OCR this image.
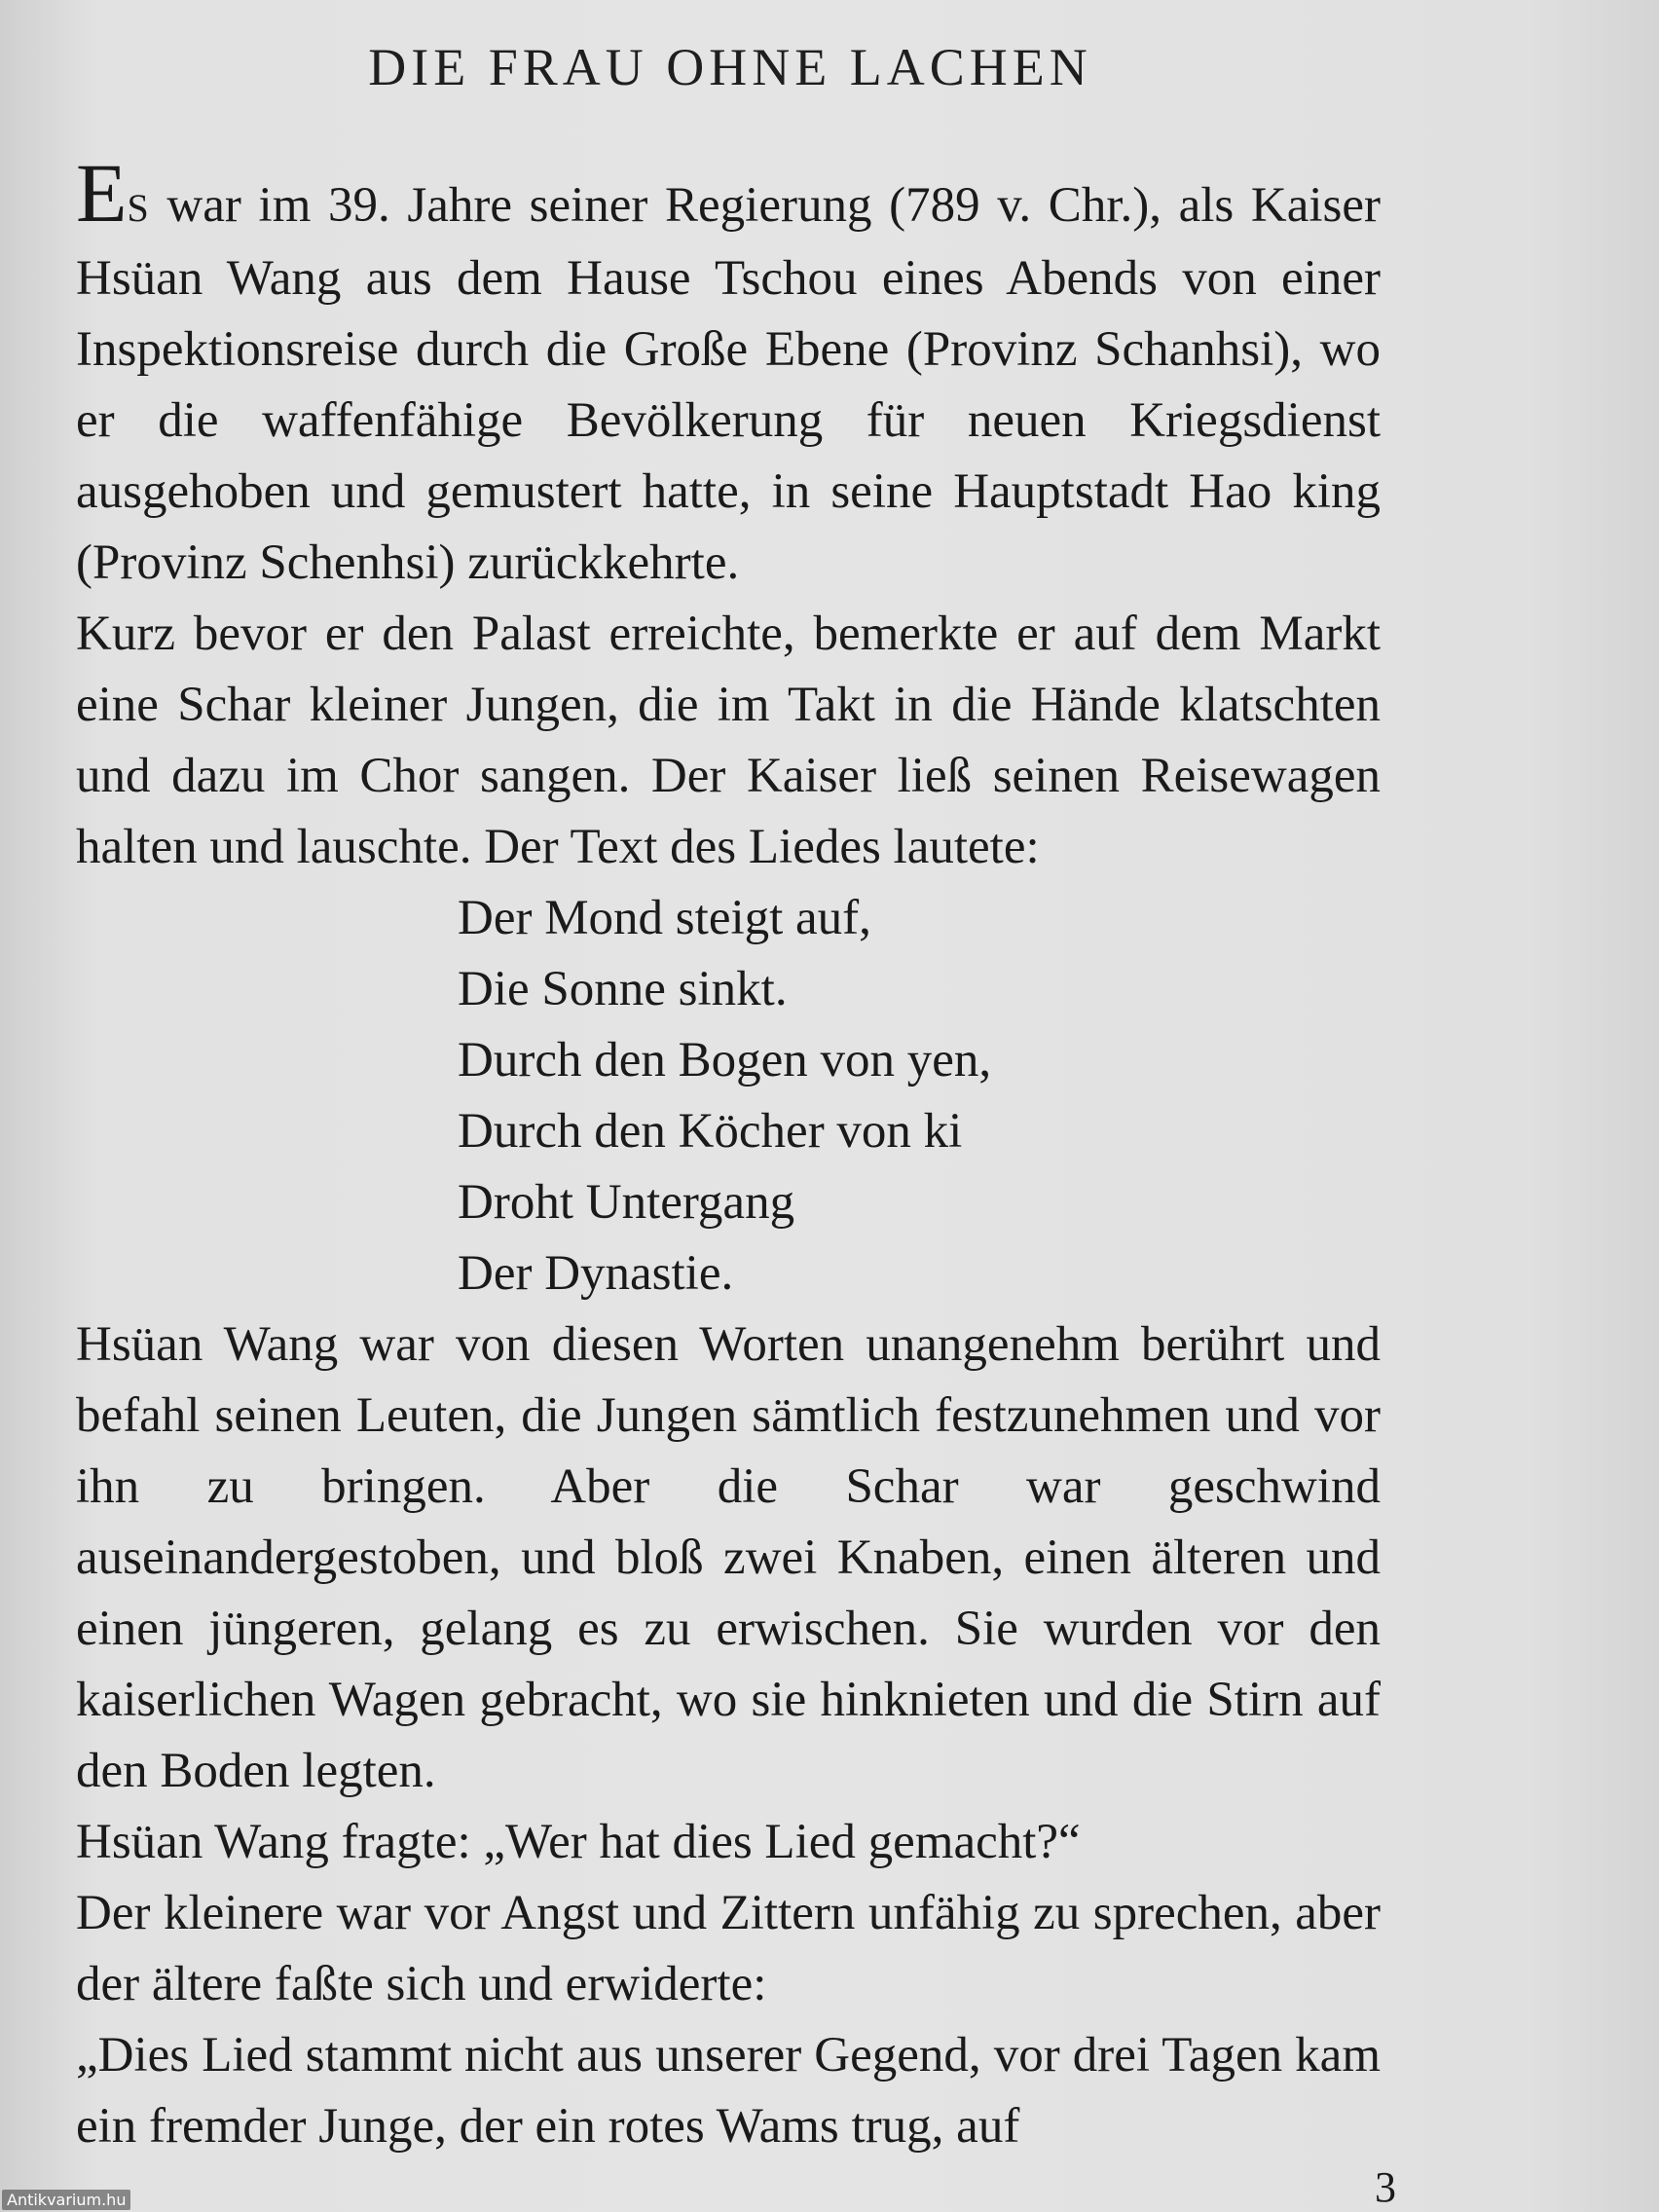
DIE FRAU OHNE LACHEN

ES war im 39. Jahre seiner Regierung (789 v. Chr.), als Kaiser Hsüan Wang aus dem Hause Tschou eines Abends von einer Inspektionsreise durch die Große Ebene (Provinz Schanhsi), wo er die waffenfähige Bevölkerung für neuen Kriegsdienst ausgehoben und gemustert hatte, in seine Hauptstadt Hao king (Provinz Schenhsi) zurückkehrte.

Kurz bevor er den Palast erreichte, bemerkte er auf dem Markt eine Schar kleiner Jungen, die im Takt in die Hände klatschten und dazu im Chor sangen. Der Kaiser ließ seinen Reisewagen halten und lauschte. Der Text des Liedes lautete:

Der Mond steigt auf,
Die Sonne sinkt.
Durch den Bogen von yen,
Durch den Köcher von ki
Droht Untergang
Der Dynastie.

Hsüan Wang war von diesen Worten unangenehm berührt und befahl seinen Leuten, die Jungen sämtlich festzunehmen und vor ihn zu bringen. Aber die Schar war geschwind auseinandergestoben, und bloß zwei Knaben, einen älteren und einen jüngeren, gelang es zu erwischen. Sie wurden vor den kaiserlichen Wagen gebracht, wo sie hinknieten und die Stirn auf den Boden legten.

Hsüan Wang fragte: „Wer hat dies Lied gemacht?“

Der kleinere war vor Angst und Zittern unfähig zu sprechen, aber der ältere faßte sich und erwiderte:

„Dies Lied stammt nicht aus unserer Gegend, vor drei Tagen kam ein fremder Junge, der ein rotes Wams trug, auf

3
Antikvarium.hu
